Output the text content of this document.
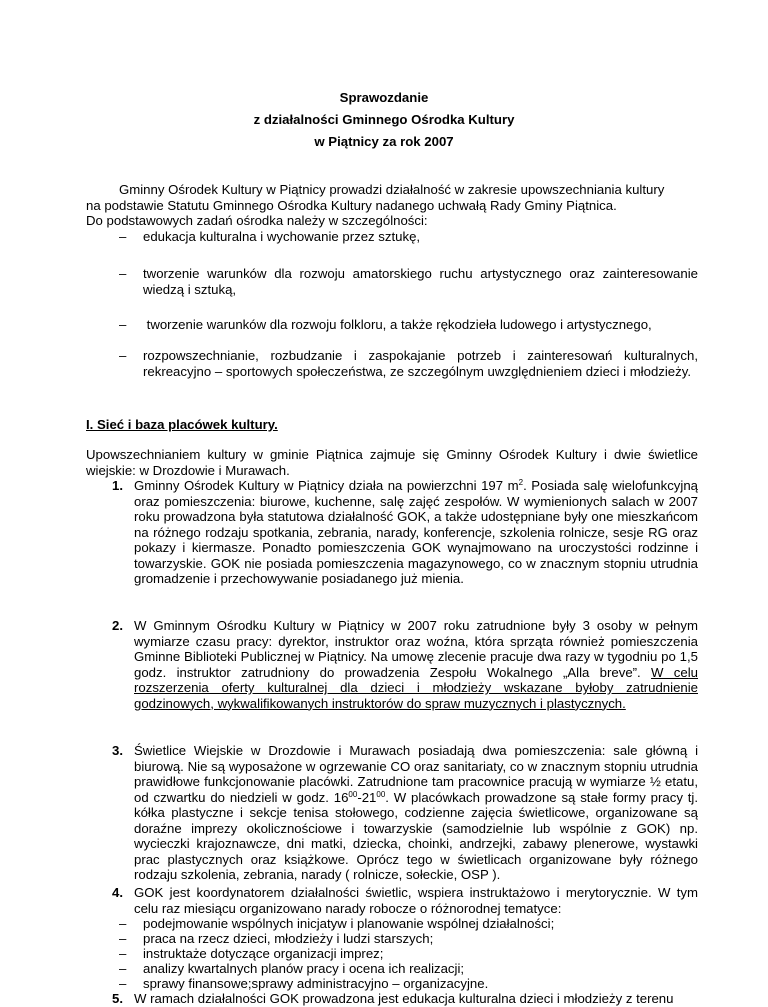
Sprawozdanie
z działalności Gminnego Ośrodka Kultury
w Piątnicy za rok 2007
Gminny Ośrodek Kultury w Piątnicy prowadzi działalność w zakresie upowszechniania kultury
na podstawie Statutu Gminnego Ośrodka Kultury nadanego uchwałą Rady Gminy Piątnica.
Do podstawowych zadań ośrodka należy w szczególności:
– edukacja kulturalna i wychowanie przez sztukę,
– tworzenie warunków dla rozwoju amatorskiego ruchu artystycznego oraz zainteresowanie wiedzą i sztuką,
– tworzenie warunków dla rozwoju folkloru, a także rękodzieła ludowego i artystycznego,
– rozpowszechnianie, rozbudzanie i zaspokajanie potrzeb i zainteresowań kulturalnych, rekreacyjno – sportowych społeczeństwa, ze szczególnym uwzględnieniem dzieci i młodzieży.
I. Sieć i baza placówek kultury.
Upowszechnianiem kultury w gminie Piątnica zajmuje się Gminny Ośrodek Kultury i dwie świetlice wiejskie: w Drozdowie i Murawach.
1. Gminny Ośrodek Kultury w Piątnicy działa na powierzchni 197 $m^2$. Posiada salę wielofunkcyjną oraz pomieszczenia: biurowe, kuchenne, salę zajęć zespołów. W wymienionych salach w 2007 roku prowadzona była statutowa działalność GOK, a także udostępniane były one mieszkańcom na różnego rodzaju spotkania, zebrania, narady, konferencje, szkolenia rolnicze, sesje RG oraz pokazy i kiermasze. Ponadto pomieszczenia GOK wynajmowano na uroczystości rodzinne i towarzyskie. GOK nie posiada pomieszczenia magazynowego, co w znacznym stopniu utrudnia gromadzenie i przechowywanie posiadanego już mienia.
2. W Gminnym Ośrodku Kultury w Piątnicy w 2007 roku zatrudnione były 3 osoby w pełnym wymiarze czasu pracy: dyrektor, instruktor oraz woźna, która sprząta również pomieszczenia Gminne Biblioteki Publicznej w Piątnicy. Na umowę zlecenie pracuje dwa razy w tygodniu po 1,5 godz. instruktor zatrudniony do prowadzenia Zespołu Wokalnego „Alla breve”. W celu rozszerzenia oferty kulturalnej dla dzieci i młodzieży wskazane byłoby zatrudnienie godzinowych, wykwalifikowanych instruktorów do spraw muzycznych i plastycznych.
3. Świetlice Wiejskie w Drozdowie i Murawach posiadają dwa pomieszczenia: sale główną i biurową. Nie są wyposażone w ogrzewanie CO oraz sanitariaty, co w znacznym stopniu utrudnia prawidłowe funkcjonowanie placówki. Zatrudnione tam pracownice pracują w wymiarze ½ etatu, od czwartku do niedzieli w godz. $16^{00}-21^{00}$. W placówkach prowadzone są stałe formy pracy tj. kółka plastyczne i sekcje tenisa stołowego, codzienne zajęcia świetlicowe, organizowane są doraźne imprezy okolicznościowe i towarzyskie (samodzielnie lub wspólnie z GOK) np. wycieczki krajoznawcze, dni matki, dziecka, choinki, andrzejki, zabawy plenerowe, wystawki prac plastycznych oraz książkowe. Oprócz tego w świetlicach organizowane były różnego rodzaju szkolenia, zebrania, narady ( rolnicze, sołeckie, OSP ).
4. GOK jest koordynatorem działalności świetlic, wspiera instruktażowo i merytorycznie. W tym celu raz miesiącu organizowano narady robocze o różnorodnej tematyce:
– podejmowanie wspólnych inicjatyw i planowanie wspólnej działalności;
– praca na rzecz dzieci, młodzieży i ludzi starszych;
– instruktaże dotyczące organizacji imprez;
– analizy kwartalnych planów pracy i ocena ich realizacji;
– sprawy finansowe;sprawy administracyjno – organizacyjne.
5. W ramach działalności GOK prowadzona jest edukacja kulturalna dzieci i młodzieży z terenu
